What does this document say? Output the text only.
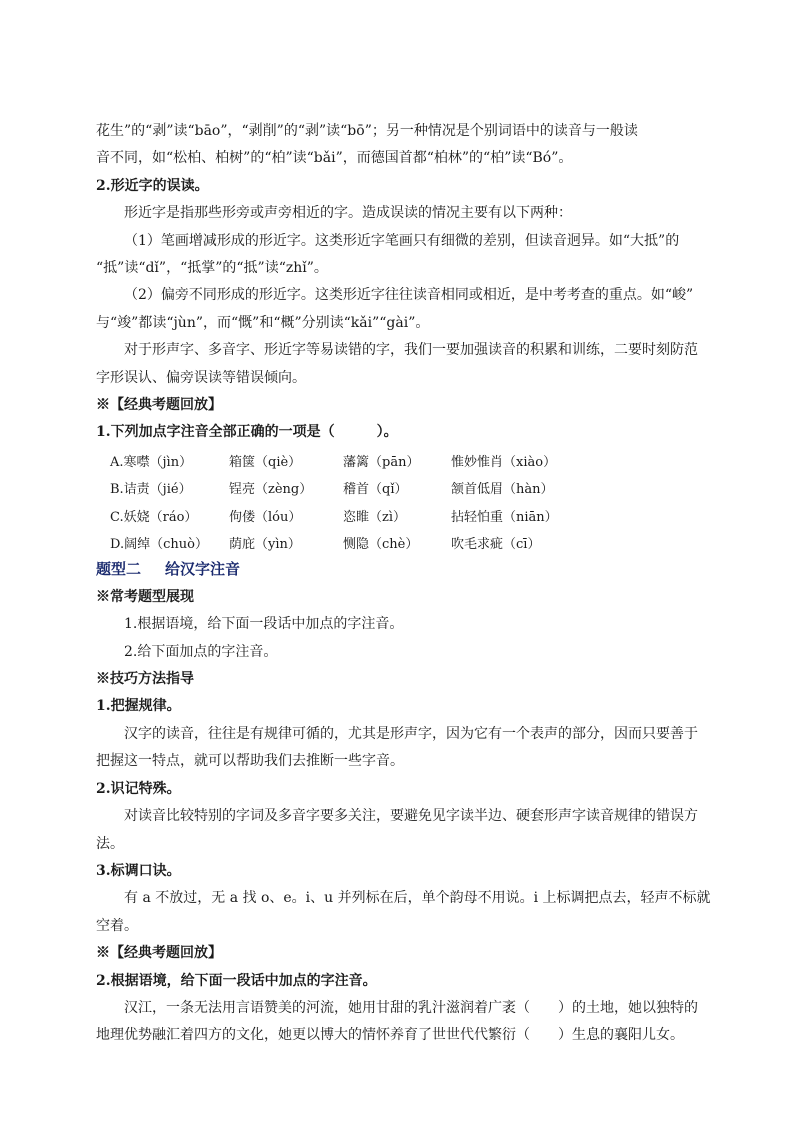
花生”的“剥”读“bāo”，“剥削”的“剥”读“bō”；另一种情况是个别词语中的读音与一般读
音不同，如“松柏、柏树”的“柏”读“bǎi”，而德国首都“柏林”的“柏”读“Bó”。
2.形近字的误读。
形近字是指那些形旁或声旁相近的字。造成误读的情况主要有以下两种：
（1）笔画增减形成的形近字。这类形近字笔画只有细微的差别，但读音迥异。如“大抵”的
“抵”读“dǐ”，“抵掌”的“抵”读“zhǐ”。
（2）偏旁不同形成的形近字。这类形近字往往读音相同或相近，是中考考查的重点。如“峻”
与“竣”都读“jùn”，而“慨”和“概”分别读“kǎi”“gài”。
对于形声字、多音字、形近字等易读错的字，我们一要加强读音的积累和训练，二要时刻防范
字形误认、偏旁误读等错误倾向。
※【经典考题回放】
1.下列加点字注音全部正确的一项是（　　　）。
A.寒噤（jìn）	箱箧（qiè）	藩篱（pān）	惟妙惟肖（xiào）
B.诘责（jié）	锃亮（zèng）	稽首（qǐ）	颔首低眉（hàn）
C.妖娆（ráo）	佝偻（lóu）	恣睢（zì）	拈轻怕重（niān）
D.阔绰（chuò）	荫庇（yìn）	恻隐（chè）	吹毛求疵（cī）
题型二 给汉字注音
※常考题型展现
1.根据语境，给下面一段话中加点的字注音。
2.给下面加点的字注音。
※技巧方法指导
1.把握规律。
汉字的读音，往往是有规律可循的，尤其是形声字，因为它有一个表声的部分，因而只要善于
把握这一特点，就可以帮助我们去推断一些字音。
2.识记特殊。
对读音比较特别的字词及多音字要多关注，要避免见字读半边、硬套形声字读音规律的错误方
法。
3.标调口诀。
有 a 不放过，无 a 找 o、e。i、u 并列标在后，单个韵母不用说。i 上标调把点去，轻声不标就
空着。
※【经典考题回放】
2.根据语境，给下面一段话中加点的字注音。
汉江，一条无法用言语赞美的河流，她用甘甜的乳汁滋润着广袤（　　）的土地，她以独特的
地理优势融汇着四方的文化，她更以博大的情怀养育了世世代代繁衍（　　）生息的襄阳儿女。
